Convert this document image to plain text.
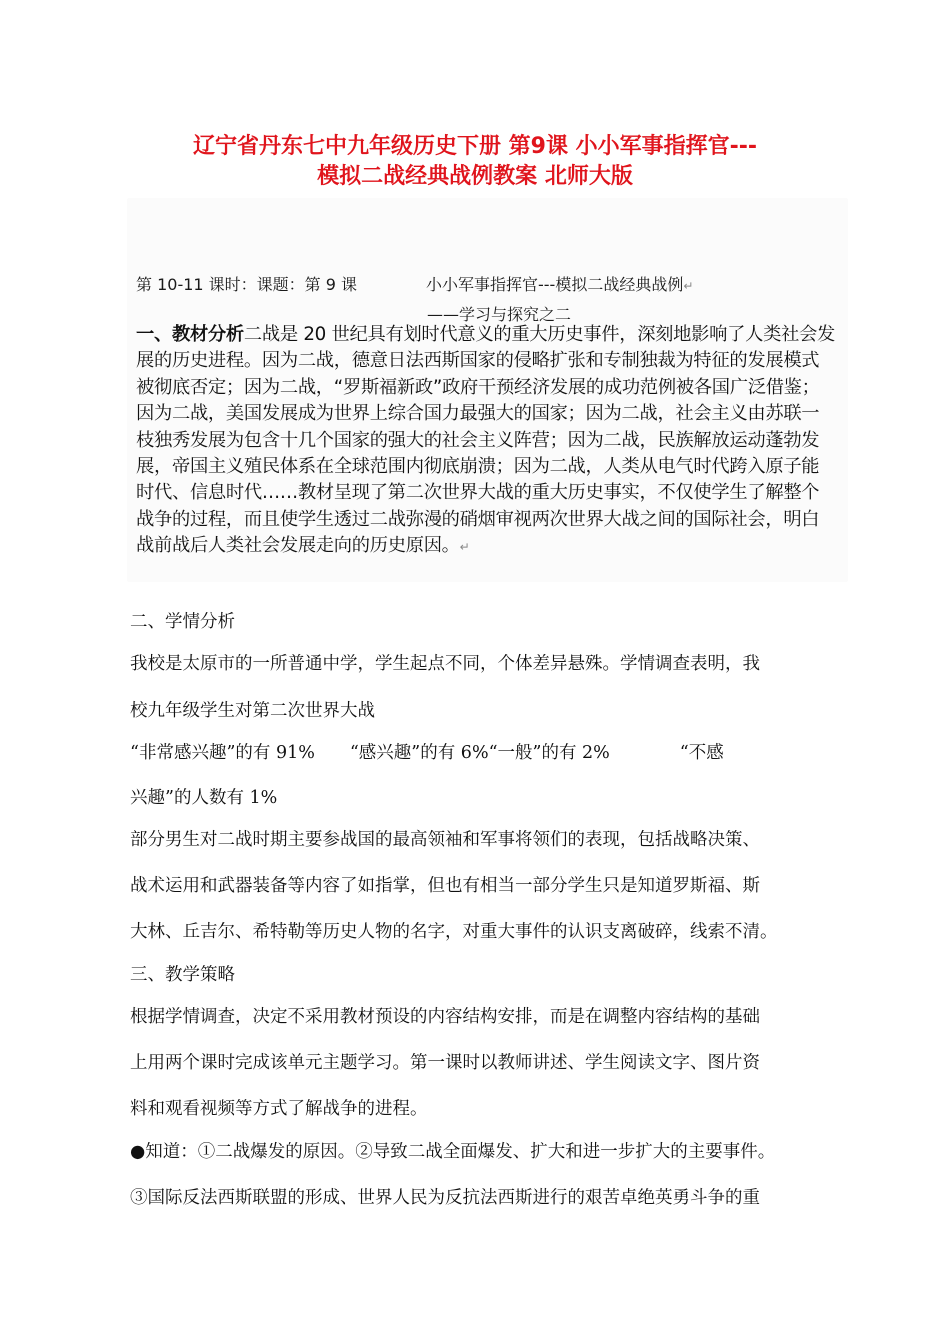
辽宁省丹东七中九年级历史下册 第9课 小小军事指挥官---
模拟二战经典战例教案 北师大版
第 10-11 课时：课题：第 9 课	小小军事指挥官---模拟二战经典战例↵
——学习与探究之二
一、教材分析二战是 20 世纪具有划时代意义的重大历史事件，深刻地影响了人类社会发展的历史进程。因为二战，德意日法西斯国家的侵略扩张和专制独裁为特征的发展模式被彻底否定；因为二战，“罗斯福新政”政府干预经济发展的成功范例被各国广泛借鉴；因为二战，美国发展成为世界上综合国力最强大的国家；因为二战，社会主义由苏联一枝独秀发展为包含十几个国家的强大的社会主义阵营；因为二战，民族解放运动蓬勃发展，帝国主义殖民体系在全球范围内彻底崩溃；因为二战，人类从电气时代跨入原子能时代、信息时代……教材呈现了第二次世界大战的重大历史事实，不仅使学生了解整个战争的过程，而且使学生透过二战弥漫的硝烟审视两次世界大战之间的国际社会，明白战前战后人类社会发展走向的历史原因。↵
二、学情分析
我校是太原市的一所普通中学，学生起点不同，个体差异悬殊。学情调查表明，我
校九年级学生对第二次世界大战
“非常感兴趣”的有 91%　　“感兴趣”的有 6%“一般”的有 2%　　　　“不感
兴趣”的人数有 1%
部分男生对二战时期主要参战国的最高领袖和军事将领们的表现，包括战略决策、
战术运用和武器装备等内容了如指掌，但也有相当一部分学生只是知道罗斯福、斯
大林、丘吉尔、希特勒等历史人物的名字，对重大事件的认识支离破碎，线索不清。
三、教学策略
根据学情调查，决定不采用教材预设的内容结构安排，而是在调整内容结构的基础
上用两个课时完成该单元主题学习。第一课时以教师讲述、学生阅读文字、图片资
料和观看视频等方式了解战争的进程。
●知道：①二战爆发的原因。②导致二战全面爆发、扩大和进一步扩大的主要事件。
③国际反法西斯联盟的形成、世界人民为反抗法西斯进行的艰苦卓绝英勇斗争的重
